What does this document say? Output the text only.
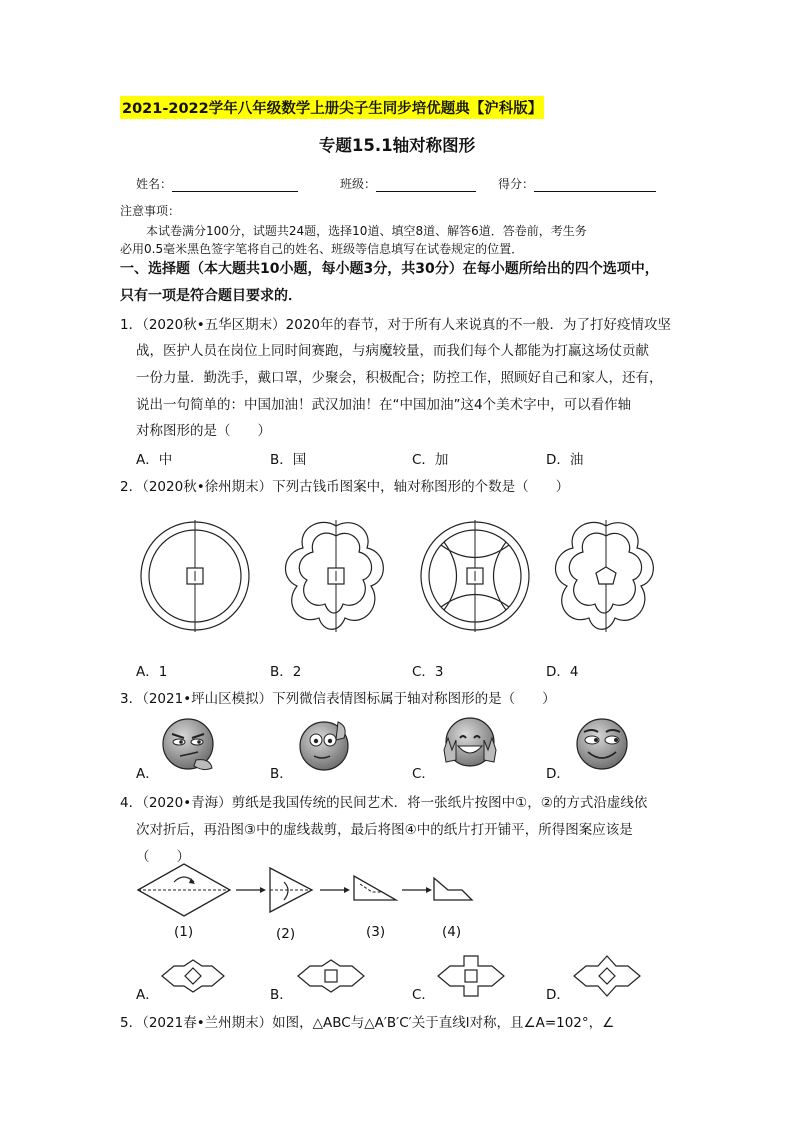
2021-2022学年八年级数学上册尖子生同步培优题典【沪科版】
专题15.1轴对称图形
姓名：	班级：	得分：
注意事项：
本试卷满分100分，试题共24题，选择10道、填空8道、解答6道．答卷前，考生务
必用0.5毫米黑色签字笔将自己的姓名、班级等信息填写在试卷规定的位置．
一、选择题（本大题共10小题，每小题3分，共30分）在每小题所给出的四个选项中，
只有一项是符合题目要求的．
1．（2020秋•五华区期末）2020年的春节，对于所有人来说真的不一般．为了打好疫情攻坚
战，医护人员在岗位上同时间赛跑，与病魔较量，而我们每个人都能为打赢这场仗贡献
一份力量．勤洗手，戴口罩，少聚会，积极配合；防控工作，照顾好自己和家人，还有，
说出一句简单的：中国加油！武汉加油！在“中国加油”这4个美术字中，可以看作轴
对称图形的是（　　）
A．中	B．国	C．加	D．油
2．（2020秋•徐州期末）下列古钱币图案中，轴对称图形的个数是（　　）
A．1	B．2	C．3	D．4
3．（2021•坪山区模拟）下列微信表情图标属于轴对称图形的是（　　）
A．	B．	C．	D．
4．（2020•青海）剪纸是我国传统的民间艺术．将一张纸片按图中①，②的方式沿虚线依
次对折后，再沿图③中的虚线裁剪，最后将图④中的纸片打开铺平，所得图案应该是
（　　）
(1)	(2)	(3)	(4)
A．	B．	C．	D．
5．（2021春•兰州期末）如图，△ABC与△A′B′C′关于直线l对称，且∠A=102°，∠
